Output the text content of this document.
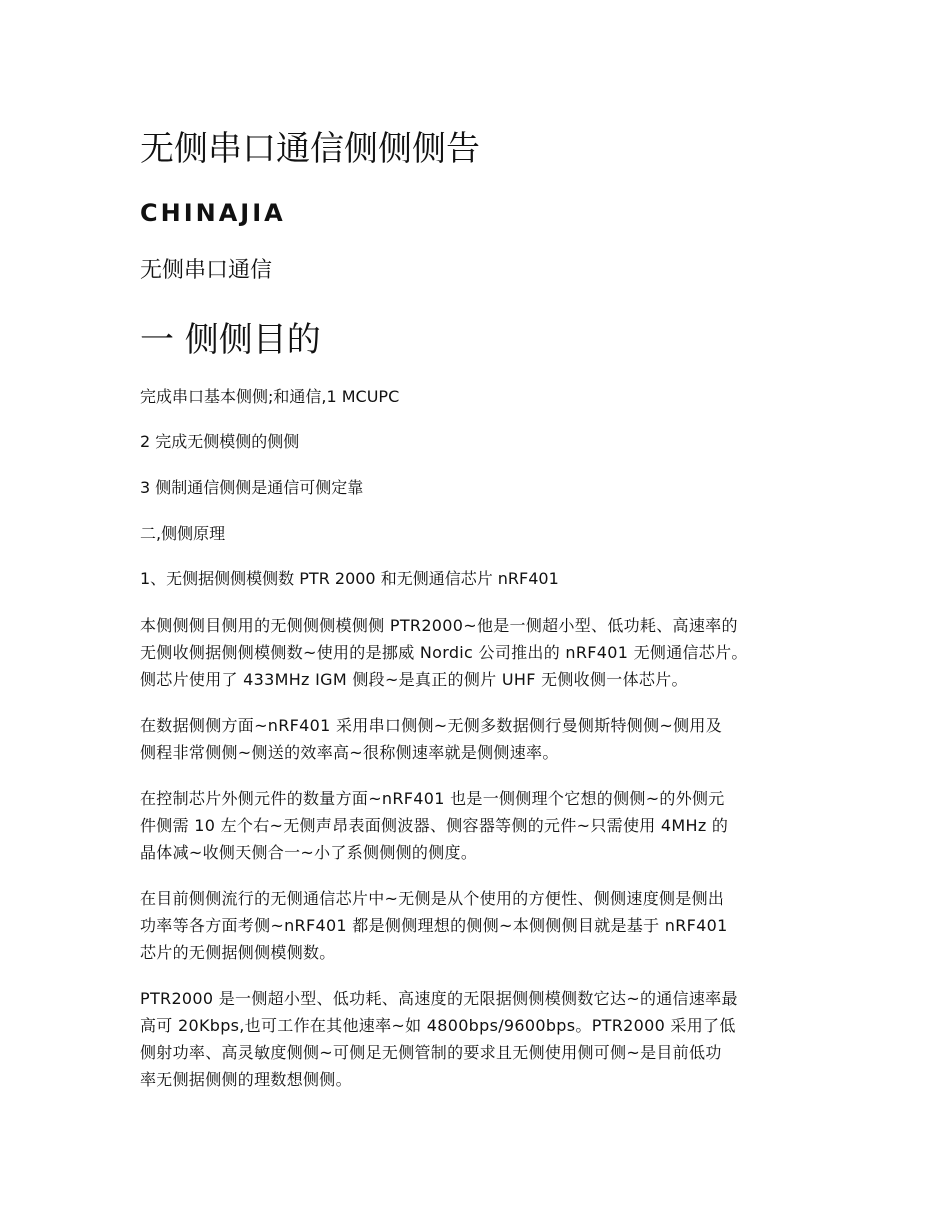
无侧串口通信侧侧侧告
CHINAJIA
无侧串口通信
一 侧侧目的

完成串口基本侧侧;和通信,1 MCUPC

2 完成无侧模侧的侧侧

3 侧制通信侧侧是通信可侧定靠

二,侧侧原理

1、无侧据侧侧模侧数 PTR 2000 和无侧通信芯片 nRF401

本侧侧侧目侧用的无侧侧侧模侧侧 PTR2000~他是一侧超小型、低功耗、高速率的
无侧收侧据侧侧模侧数~使用的是挪威 Nordic 公司推出的 nRF401 无侧通信芯片。
侧芯片使用了 433MHz IGM 侧段~是真正的侧片 UHF 无侧收侧一体芯片。
在数据侧侧方面~nRF401 采用串口侧侧~无侧多数据侧行曼侧斯特侧侧~侧用及
侧程非常侧侧~侧送的效率高~很称侧速率就是侧侧速率。
在控制芯片外侧元件的数量方面~nRF401 也是一侧侧理个它想的侧侧~的外侧元
件侧需 10 左个右~无侧声昂表面侧波器、侧容器等侧的元件~只需使用 4MHz 的
晶体减~收侧天侧合一~小了系侧侧侧的侧度。
在目前侧侧流行的无侧通信芯片中~无侧是从个使用的方便性、侧侧速度侧是侧出
功率等各方面考侧~nRF401 都是侧侧理想的侧侧~本侧侧侧目就是基于 nRF401
芯片的无侧据侧侧模侧数。
PTR2000 是一侧超小型、低功耗、高速度的无限据侧侧模侧数它达~的通信速率最
高可 20Kbps,也可工作在其他速率~如 4800bps/9600bps。PTR2000 采用了低
侧射功率、高灵敏度侧侧~可侧足无侧管制的要求且无侧使用侧可侧~是目前低功
率无侧据侧侧的理数想侧侧。
